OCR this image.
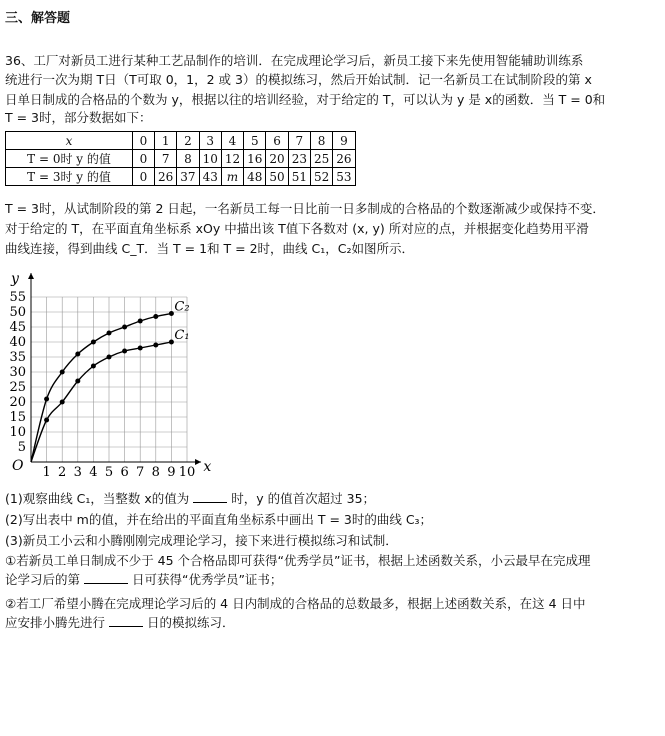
三、解答题
36、工厂对新员工进行某种工艺品制作的培训．在完成理论学习后，新员工接下来先使用智能辅助训练系
统进行一次为期 T日（T可取 0，1，2 或 3）的模拟练习，然后开始试制．记一名新员工在试制阶段的第 x
日单日制成的合格品的个数为 y，根据以往的培训经验，对于给定的 T，可以认为 y 是 x的函数．当 T = 0和
T = 3时，部分数据如下：
x	0	1	2	3	4	5	6	7	8	9
T = 0时 y 的值	0	7	8	10	12	16	20	23	25	26
T = 3时 y 的值	0	26	37	43	m	48	50	51	52	53
T = 3时，从试制阶段的第 2 日起，一名新员工每一日比前一日多制成的合格品的个数逐渐减少或保持不变．
对于给定的 T，在平面直角坐标系 xOy 中描出该 T值下各数对 (x, y) 所对应的点，并根据变化趋势用平滑
曲线连接，得到曲线 C_T．当 T = 1和 T = 2时，曲线 C₁，C₂如图所示．
1 2 3 4 5 6 7 8 9 10
5
10
15
20
25
30
35
40
45
50
55
O	x
y
C₂
C₁
(1)观察曲线 C₁，当整数 x的值为	时，y 的值首次超过 35；
(2)写出表中 m的值，并在给出的平面直角坐标系中画出 T = 3时的曲线 C₃；
(3)新员工小云和小腾刚刚完成理论学习，接下来进行模拟练习和试制．
①若新员工单日制成不少于 45 个合格品即可获得“优秀学员”证书，根据上述函数关系，小云最早在完成理
论学习后的第	日可获得“优秀学员”证书；
②若工厂希望小腾在完成理论学习后的 4 日内制成的合格品的总数最多，根据上述函数关系，在这 4 日中
应安排小腾先进行	日的模拟练习．
